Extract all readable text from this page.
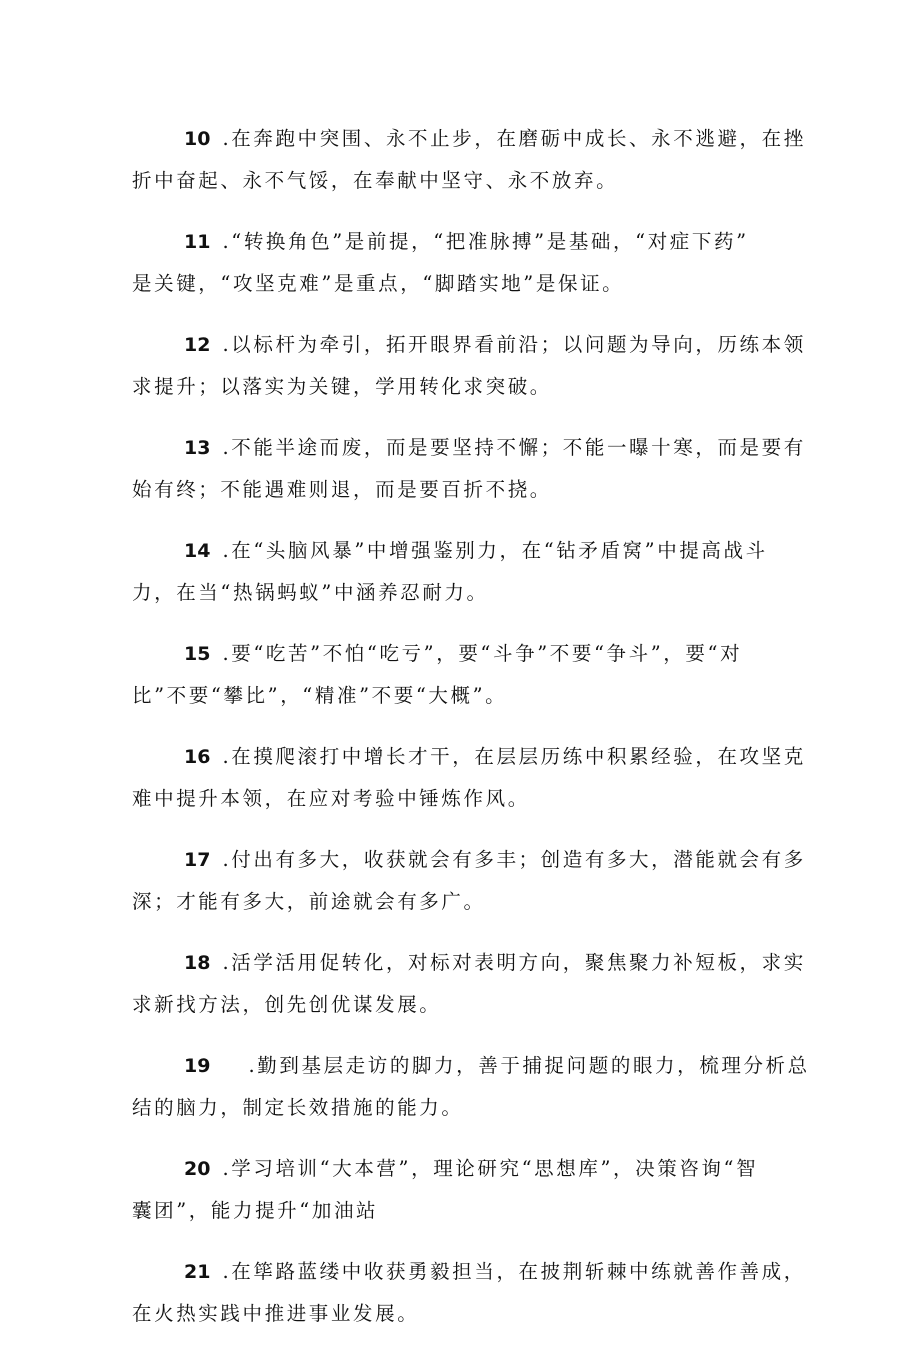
10 .在奔跑中突围、永不止步，在磨砺中成长、永不逃避，在挫
折中奋起、永不气馁，在奉献中坚守、永不放弃。
11 .“转换角色”是前提，“把准脉搏”是基础，“对症下药”
是关键，“攻坚克难”是重点，“脚踏实地”是保证。
12 .以标杆为牵引，拓开眼界看前沿；以问题为导向，历练本领
求提升；以落实为关键，学用转化求突破。
13 .不能半途而废，而是要坚持不懈；不能一曝十寒，而是要有
始有终；不能遇难则退，而是要百折不挠。
14 .在“头脑风暴”中增强鉴别力，在“钻矛盾窝”中提高战斗
力，在当“热锅蚂蚁”中涵养忍耐力。
15 .要“吃苦”不怕“吃亏”，要“斗争”不要“争斗”，要“对
比”不要“攀比”，“精准”不要“大概”。
16 .在摸爬滚打中增长才干，在层层历练中积累经验，在攻坚克
难中提升本领，在应对考验中锤炼作风。
17 .付出有多大，收获就会有多丰；创造有多大，潜能就会有多
深；才能有多大，前途就会有多广。
18 .活学活用促转化，对标对表明方向，聚焦聚力补短板，求实
求新找方法，创先创优谋发展。
19 .勤到基层走访的脚力，善于捕捉问题的眼力，梳理分析总
结的脑力，制定长效措施的能力。
20 .学习培训“大本营”，理论研究“思想库”，决策咨询“智
囊团”，能力提升“加油站
21 .在筚路蓝缕中收获勇毅担当，在披荆斩棘中练就善作善成，
在火热实践中推进事业发展。
